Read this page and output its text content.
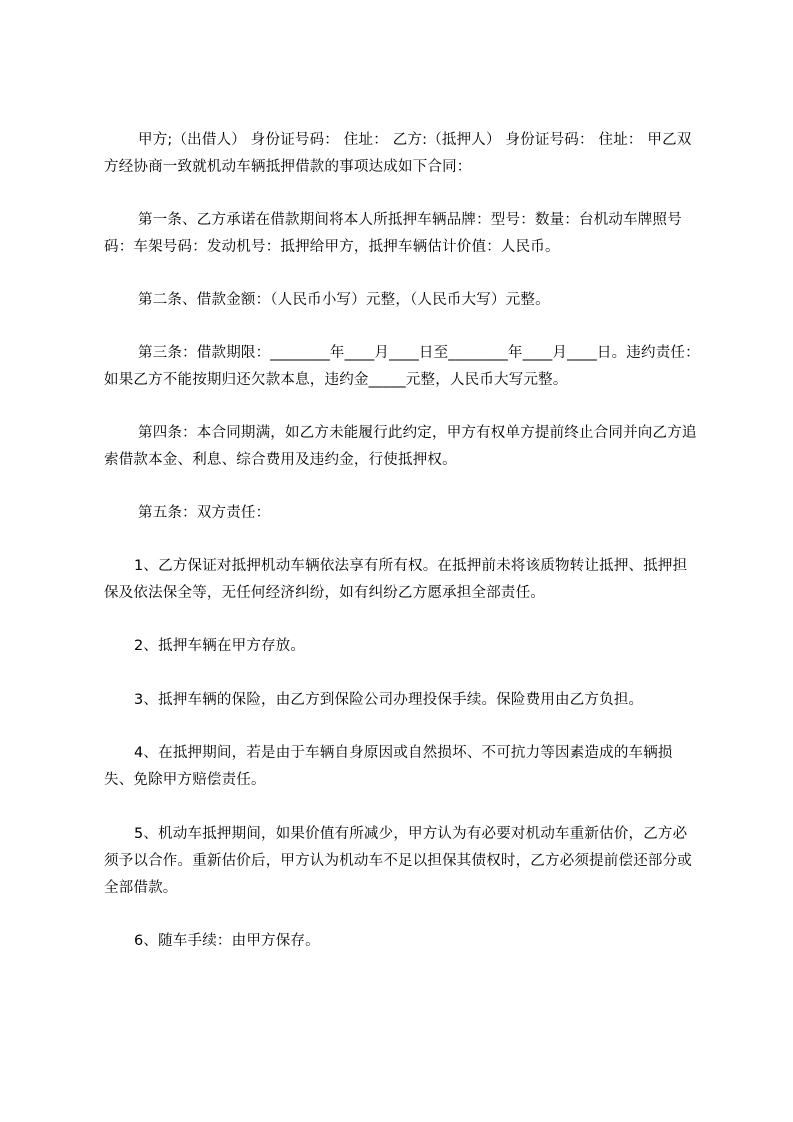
甲方;（出借人） 身份证号码： 住址： 乙方:（抵押人） 身份证号码： 住址： 甲乙双方经协商一致就机动车辆抵押借款的事项达成如下合同：

第一条、乙方承诺在借款期间将本人所抵押车辆品牌：型号：数量：台机动车牌照号码：车架号码：发动机号：抵押给甲方，抵押车辆估计价值：人民币。

第二条、借款金额：（人民币小写）元整，（人民币大写）元整。

第三条：借款期限：________年____月____日至________年____月____日。违约责任：如果乙方不能按期归还欠款本息，违约金_____元整，人民币大写元整。

第四条：本合同期满，如乙方未能履行此约定，甲方有权单方提前终止合同并向乙方追索借款本金、利息、综合费用及违约金，行使抵押权。

第五条：双方责任：

1、乙方保证对抵押机动车辆依法享有所有权。在抵押前未将该质物转让抵押、抵押担保及依法保全等，无任何经济纠纷，如有纠纷乙方愿承担全部责任。

2、抵押车辆在甲方存放。

3、抵押车辆的保险，由乙方到保险公司办理投保手续。保险费用由乙方负担。

4、在抵押期间，若是由于车辆自身原因或自然损坏、不可抗力等因素造成的车辆损失、免除甲方赔偿责任。

5、机动车抵押期间，如果价值有所减少，甲方认为有必要对机动车重新估价，乙方必须予以合作。重新估价后，甲方认为机动车不足以担保其债权时，乙方必须提前偿还部分或全部借款。

6、随车手续：由甲方保存。
